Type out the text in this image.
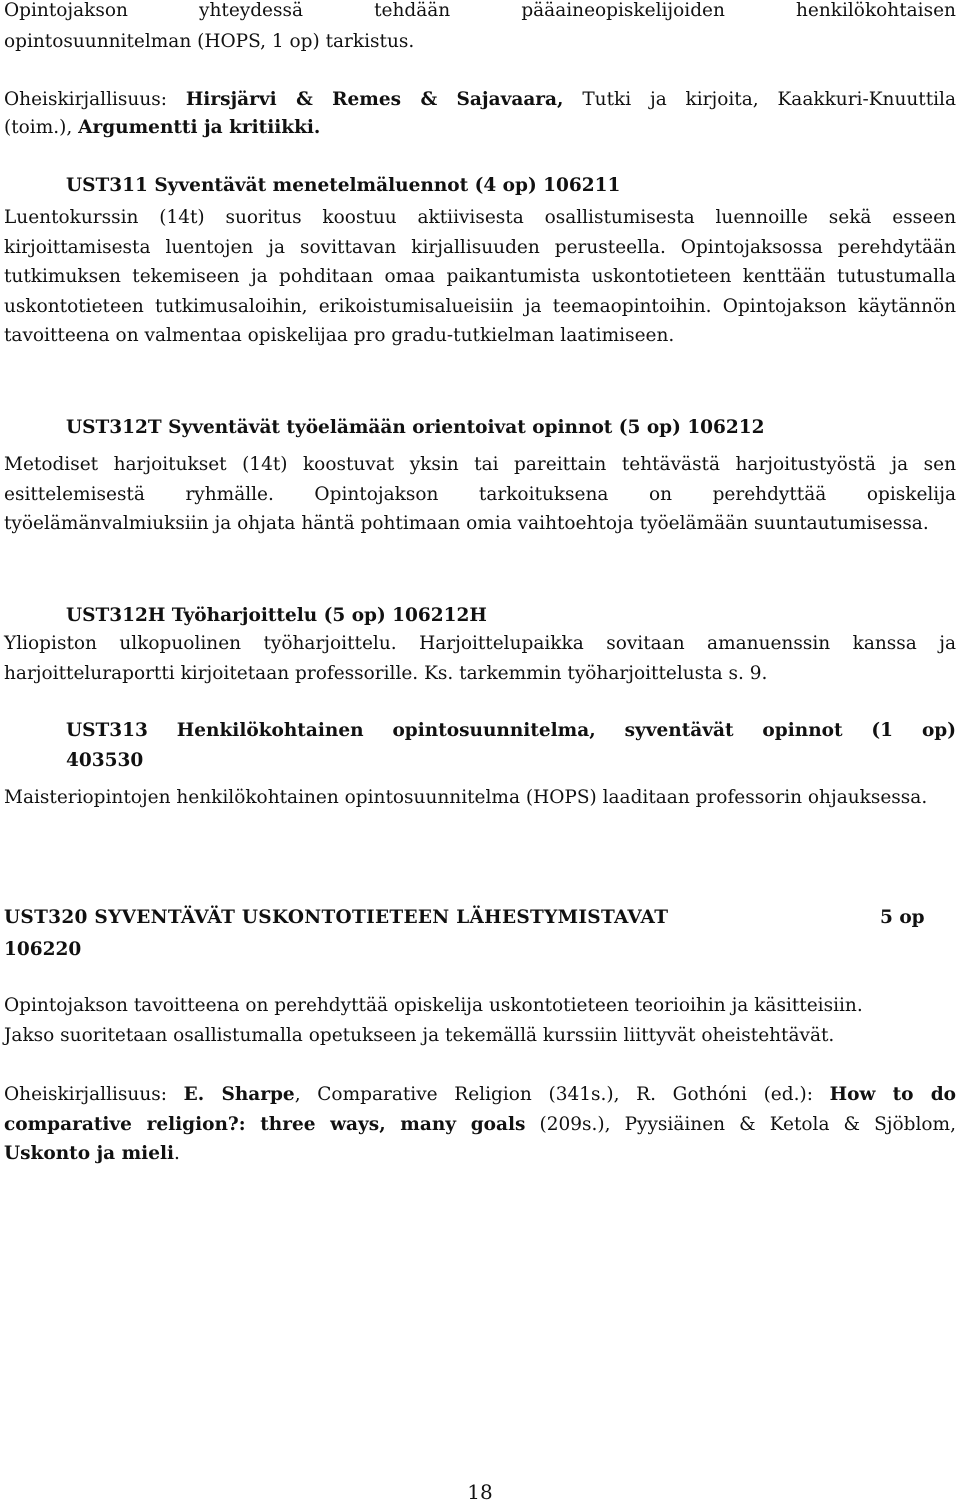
Opintojakson	yhteydessä	tehdään	pääaineopiskelijoiden	henkilökohtaisen

opintosuunnitelman (HOPS, 1 op) tarkistus.

Oheiskirjallisuus: Hirsjärvi & Remes & Sajavaara, Tutki ja kirjoita, Kaakkuri-Knuuttila

(toim.), Argumentti ja kritiikki.

UST311 Syventävät menetelmäluennot (4 op) 106211

Luentokurssin (14t) suoritus koostuu aktiivisesta osallistumisesta luennoille sekä esseen kirjoittamisesta luentojen ja sovittavan kirjallisuuden perusteella. Opintojaksossa perehdytään tutkimuksen tekemiseen ja pohditaan omaa paikantumista uskontotieteen kenttään tutustumalla uskontotieteen tutkimusaloihin, erikoistumisalueisiin ja teemaopintoihin. Opintojakson käytännön tavoitteena on valmentaa opiskelijaa pro gradu-tutkielman laatimiseen.

UST312T Syventävät työelämään orientoivat opinnot (5 op) 106212

Metodiset harjoitukset (14t) koostuvat yksin tai pareittain tehtävästä harjoitustyöstä ja sen esittelemisestä ryhmälle. Opintojakson tarkoituksena on perehdyttää opiskelija työelämänvalmiuksiin ja ohjata häntä pohtimaan omia vaihtoehtoja työelämään suuntautumisessa.

UST312H Työharjoittelu (5 op) 106212H

Yliopiston ulkopuolinen työharjoittelu. Harjoittelupaikka sovitaan amanuenssin kanssa ja harjoitteluraportti kirjoitetaan professorille. Ks. tarkemmin työharjoittelusta s. 9.

UST313 Henkilökohtainen opintosuunnitelma, syventävät opinnot (1 op)

403530

Maisteriopintojen henkilökohtainen opintosuunnitelma (HOPS) laaditaan professorin ohjauksessa.

UST320 SYVENTÄVÄT USKONTOTIETEEN LÄHESTYMISTAVAT	5 op
106220

Opintojakson tavoitteena on perehdyttää opiskelija uskontotieteen teorioihin ja käsitteisiin.

Jakso suoritetaan osallistumalla opetukseen ja tekemällä kurssiin liittyvät oheistehtävät.

Oheiskirjallisuus: E. Sharpe, Comparative Religion (341s.), R. Gothóni (ed.): How to do comparative religion?: three ways, many goals (209s.), Pyysiäinen & Ketola & Sjöblom, Uskonto ja mieli.

18
